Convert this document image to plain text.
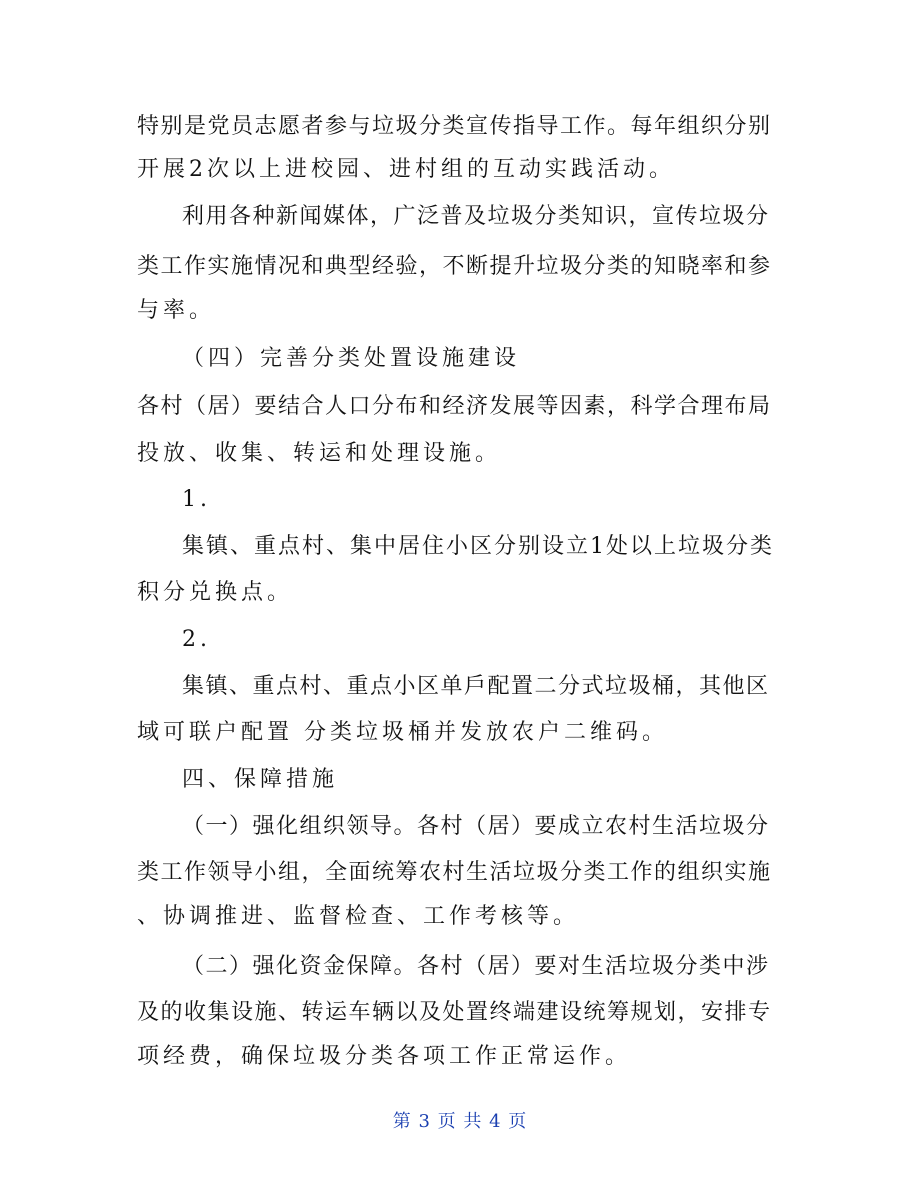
特别是党员志愿者参与垃圾分类宣传指导工作。每年组织分别
开展2次以上进校园、进村组的互动实践活动。
利用各种新闻媒体，广泛普及垃圾分类知识，宣传垃圾分
类工作实施情况和典型经验，不断提升垃圾分类的知晓率和参
与率。
（四）完善分类处置设施建设
各村（居）要结合人口分布和经济发展等因素，科学合理布局
投放、收集、转运和处理设施。
1.
集镇、重点村、集中居住小区分别设立1处以上垃圾分类
积分兑换点。
2.
集镇、重点村、重点小区单戶配置二分式垃圾桶，其他区
域可联户配置 分类垃圾桶并发放农户二维码。
四、保障措施
（一）强化组织领导。各村（居）要成立农村生活垃圾分
类工作领导小组，全面统筹农村生活垃圾分类工作的组织实施
、协调推进、监督检查、工作考核等。
（二）强化资金保障。各村（居）要对生活垃圾分类中涉
及的收集设施、转运车辆以及处置终端建设统筹规划，安排专
项经费，确保垃圾分类各项工作正常运作。
第 3 页 共 4 页
